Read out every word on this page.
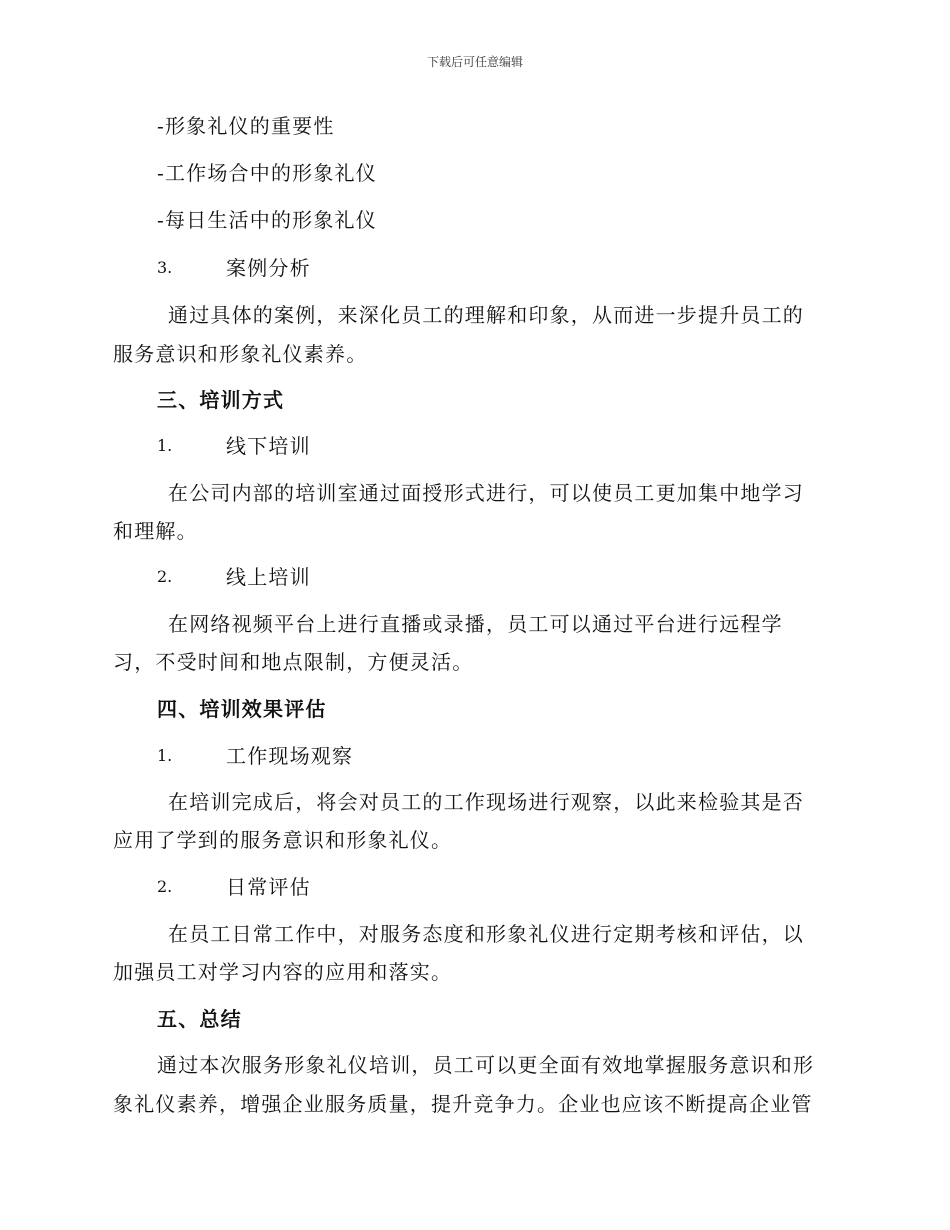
下载后可任意编辑
-形象礼仪的重要性
-工作场合中的形象礼仪
-每日生活中的形象礼仪
3.	案例分析
通过具体的案例，来深化员工的理解和印象，从而进一步提升员工的
服务意识和形象礼仪素养。
三、培训方式
1.	线下培训
在公司内部的培训室通过面授形式进行，可以使员工更加集中地学习
和理解。
2.	线上培训
在网络视频平台上进行直播或录播，员工可以通过平台进行远程学
习，不受时间和地点限制，方便灵活。
四、培训效果评估
1.	工作现场观察
在培训完成后，将会对员工的工作现场进行观察，以此来检验其是否
应用了学到的服务意识和形象礼仪。
2.	日常评估
在员工日常工作中，对服务态度和形象礼仪进行定期考核和评估，以
加强员工对学习内容的应用和落实。
五、总结
通过本次服务形象礼仪培训，员工可以更全面有效地掌握服务意识和形
象礼仪素养，增强企业服务质量，提升竞争力。企业也应该不断提高企业管
